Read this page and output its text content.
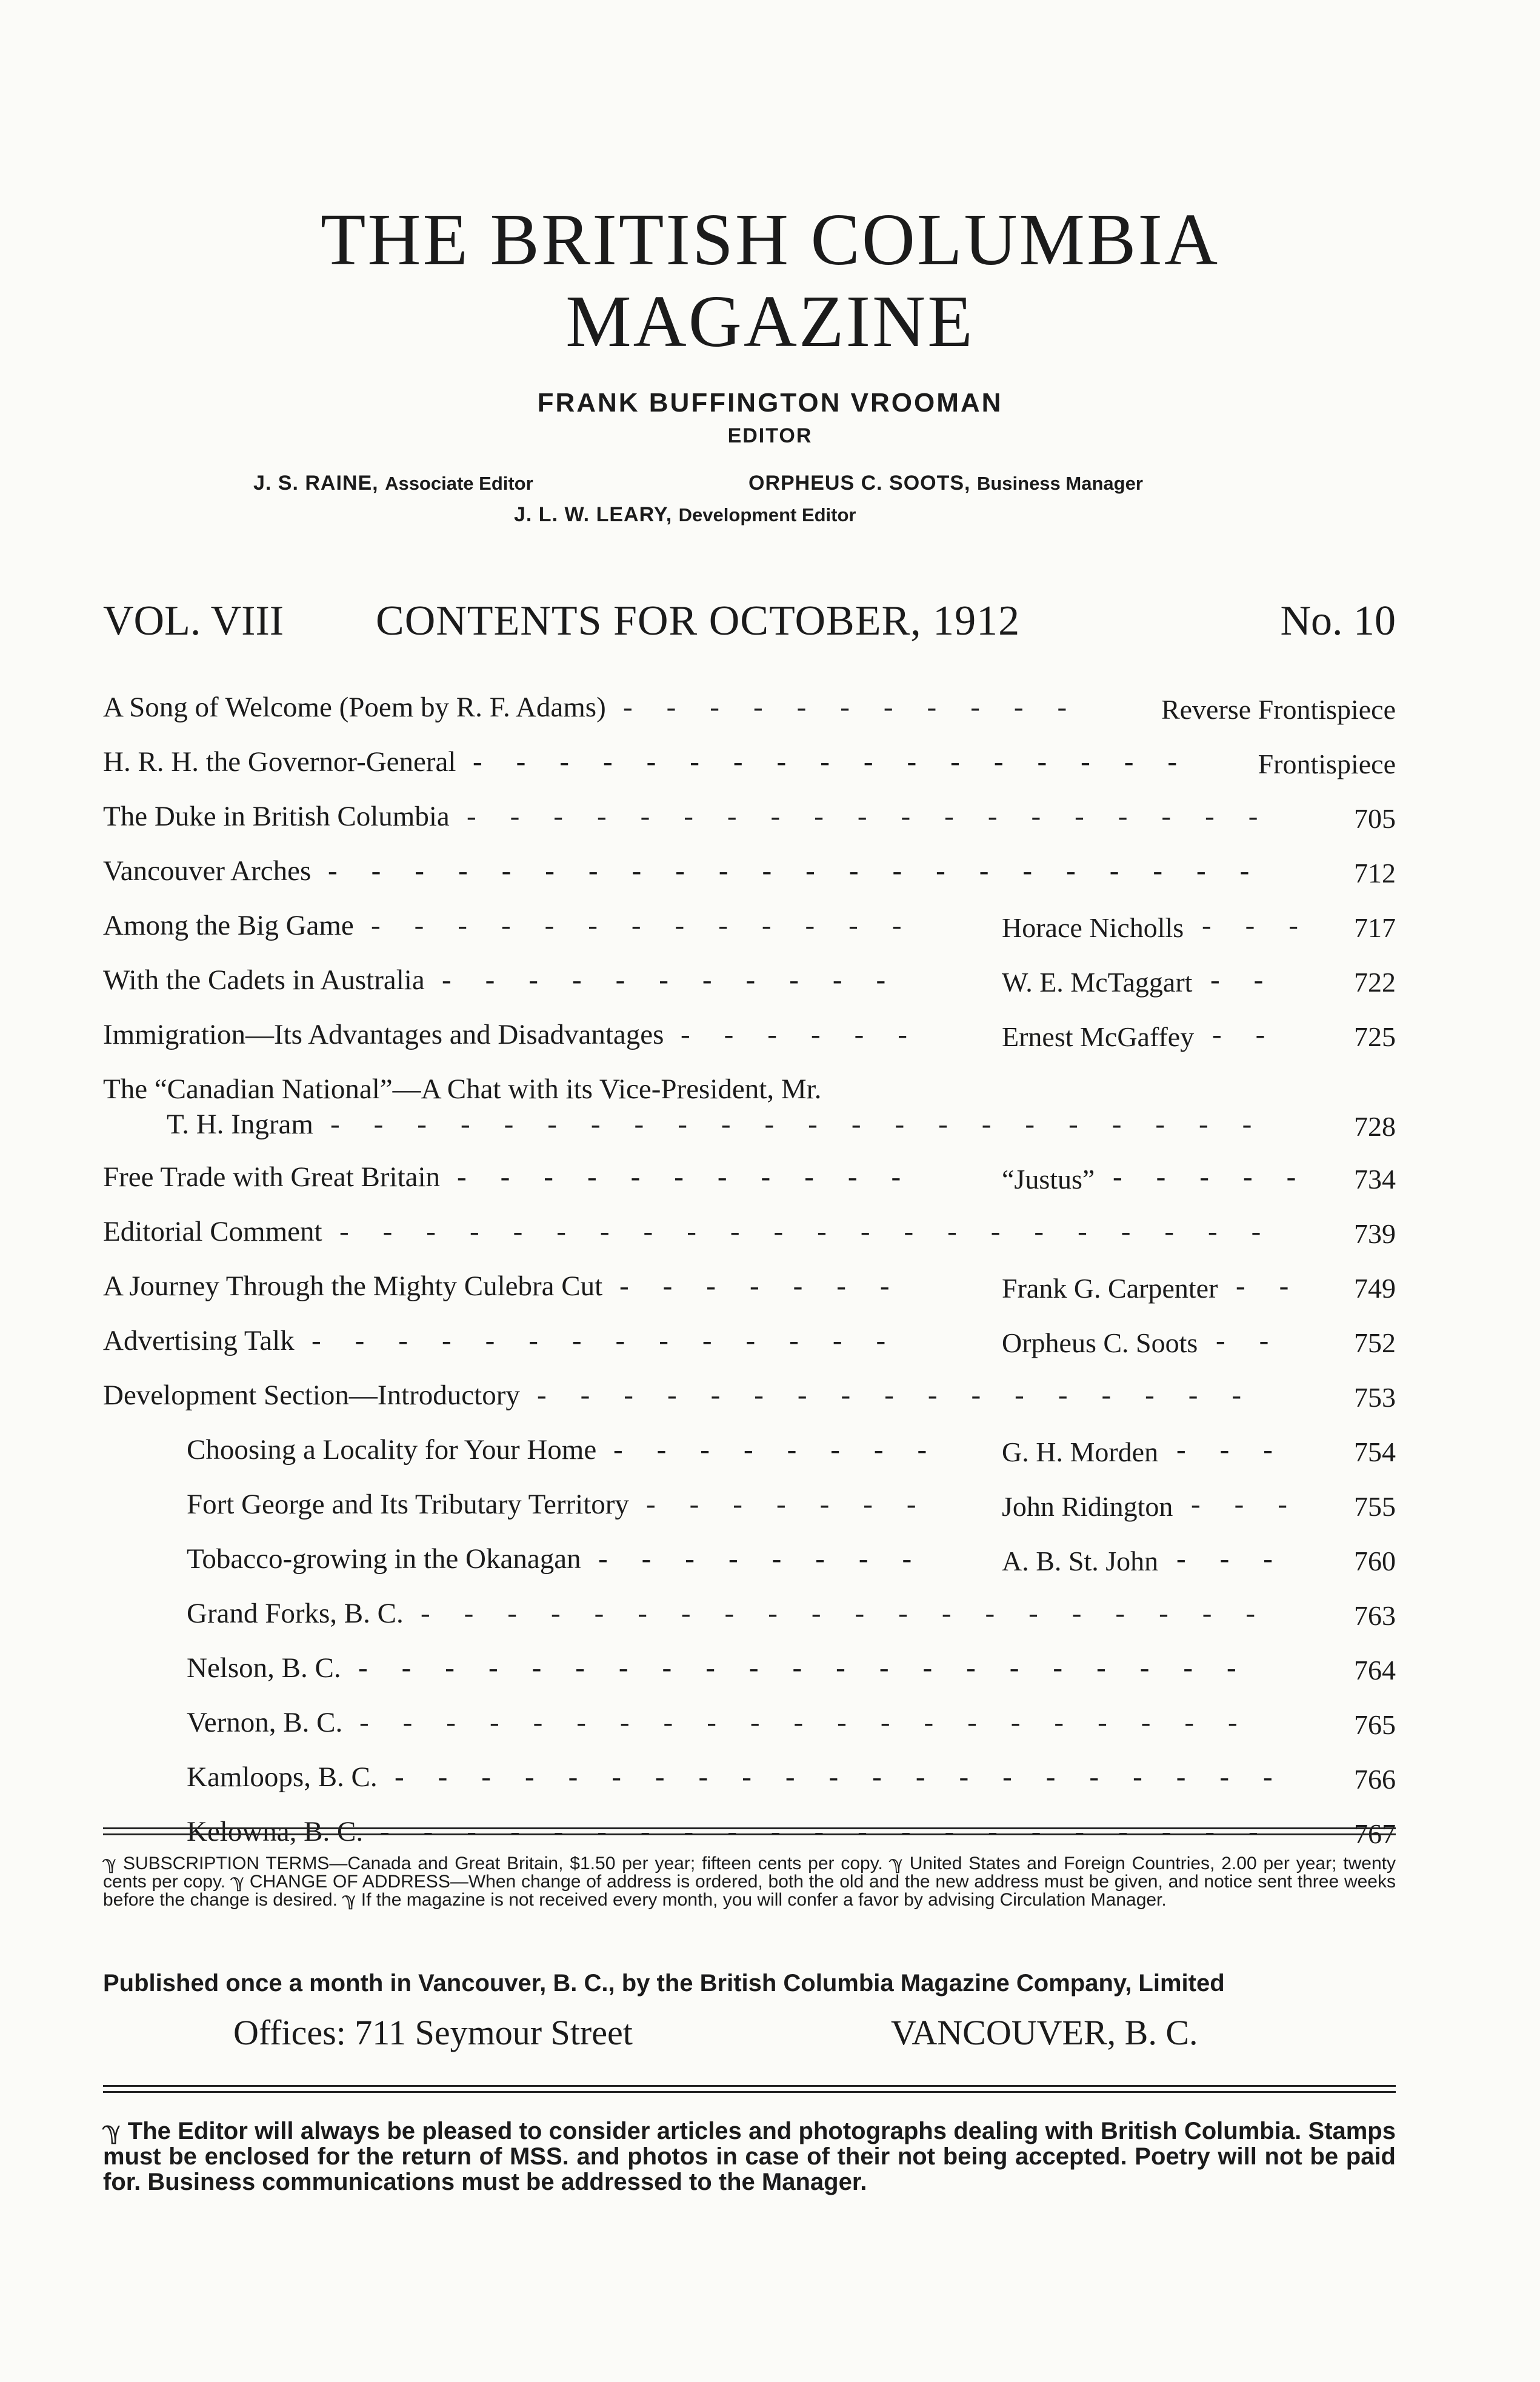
THE BRITISH COLUMBIA
MAGAZINE
FRANK BUFFINGTON VROOMAN
EDITOR
J. S. RAINE, Associate Editor	ORPHEUS C. SOOTS, Business Manager
J. L. W. LEARY, Development Editor
VOL. VIII CONTENTS FOR OCTOBER, 1912	No. 10
A Song of Welcome (Poem by R. F. Adams)	Reverse Frontispiece
-----------
H. R. H. the Governor-General	Frontispiece
-----------------
The Duke in British Columbia	705
-------------------
Vancouver Arches	712
----------------------
Among the Big Game	Horace Nicholls	717
-------------	---
With the Cadets in Australia	W. E. McTaggart	722
-----------	--
Immigration—Its Advantages and Disadvantages	Ernest McGaffey	725
------	--
The “Canadian National”—A Chat with its Vice-President, Mr.
T. H. Ingram	728
----------------------
Free Trade with Great Britain	“Justus”	734
-----------	-----
Editorial Comment	739
----------------------
A Journey Through the Mighty Culebra Cut	Frank G. Carpenter	749
-------	--
Advertising Talk	Orpheus C. Soots	752
--------------	--
Development Section—Introductory	753
-----------------
Choosing a Locality for Your Home	G. H. Morden	754
--------	---
Fort George and Its Tributary Territory	John Ridington	755
-------	---
Tobacco-growing in the Okanagan	A. B. St. John	760
--------	---
Grand Forks, B. C.	763
--------------------
Nelson, B. C.	764
---------------------
Vernon, B. C.	765
---------------------
Kamloops, B. C.	766
---------------------
Kelowna, B. C.	767
---------------------
ℽ SUBSCRIPTION TERMS—Canada and Great Britain, $1.50 per year; fifteen cents per copy. ℽ United States and Foreign Countries, 2.00 per year; twenty cents per copy. ℽ CHANGE OF ADDRESS—When change of address is ordered, both the old and the new address must be given, and notice sent three weeks before the change is desired. ℽ If the magazine is not received every month, you will confer a favor by advising Circulation Manager.
Published once a month in Vancouver, B. C., by the British Columbia Magazine Company, Limited
Offices: 711 Seymour Street	VANCOUVER, B. C.
ℽ The Editor will always be pleased to consider articles and photographs dealing with British Columbia. Stamps must be enclosed for the return of MSS. and photos in case of their not being accepted. Poetry will not be paid for. Business communications must be addressed to the Manager.
